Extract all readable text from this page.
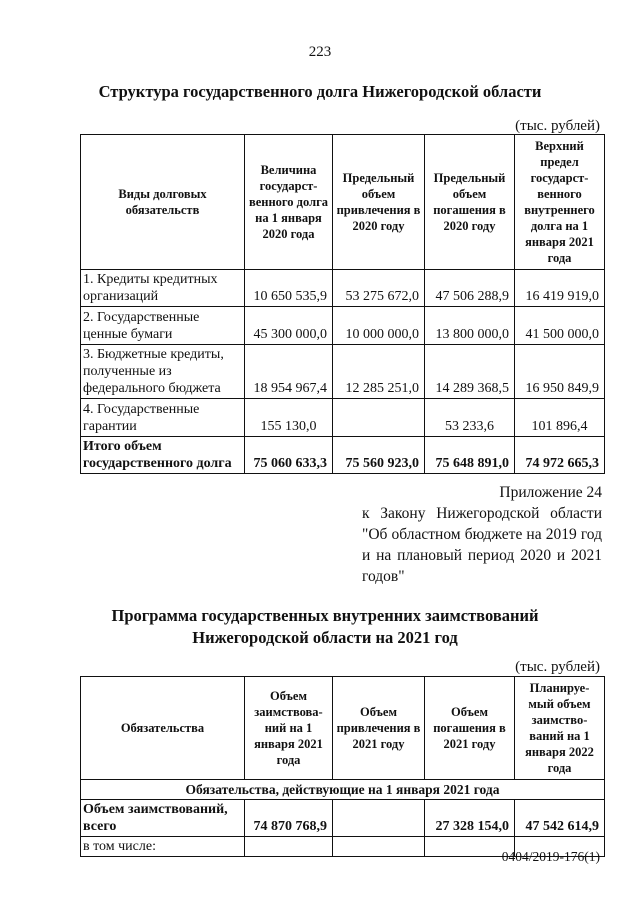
223
Структура государственного долга Нижегородской области
(тыс. рублей)
Виды долговых обязательств	Величина государст-венного долга на 1 января 2020 года	Предельный объем привлечения в 2020 году	Предельный объем погашения в 2020 году	Верхний предел государст-венного внутреннего долга на 1 января 2021 года
1. Кредиты кредитных организаций	10 650 535,9	53 275 672,0	47 506 288,9	16 419 919,0
2. Государственные ценные бумаги	45 300 000,0	10 000 000,0	13 800 000,0	41 500 000,0
3. Бюджетные кредиты, полученные из федерального бюджета	18 954 967,4	12 285 251,0	14 289 368,5	16 950 849,9
4. Государственные гарантии	155 130,0		53 233,6	101 896,4
Итого объем государственного долга	75 060 633,3	75 560 923,0	75 648 891,0	74 972 665,3
Приложение 24
к Закону Нижегородской области
"Об областном бюджете на 2019 год
и на плановый период 2020 и 2021
годов"
Программа государственных внутренних заимствований
Нижегородской области на 2021 год
(тыс. рублей)
Обязательства	Объем заимствова-ний на 1 января 2021 года	Объем привлечения в 2021 году	Объем погашения в 2021 году	Планируе-мый объем заимство-ваний на 1 января 2022 года
Обязательства, действующие на 1 января 2021 года				
Объем заимствований, всего	74 870 768,9		27 328 154,0	47 542 614,9
в том числе:				
0404/2019-176(1)
